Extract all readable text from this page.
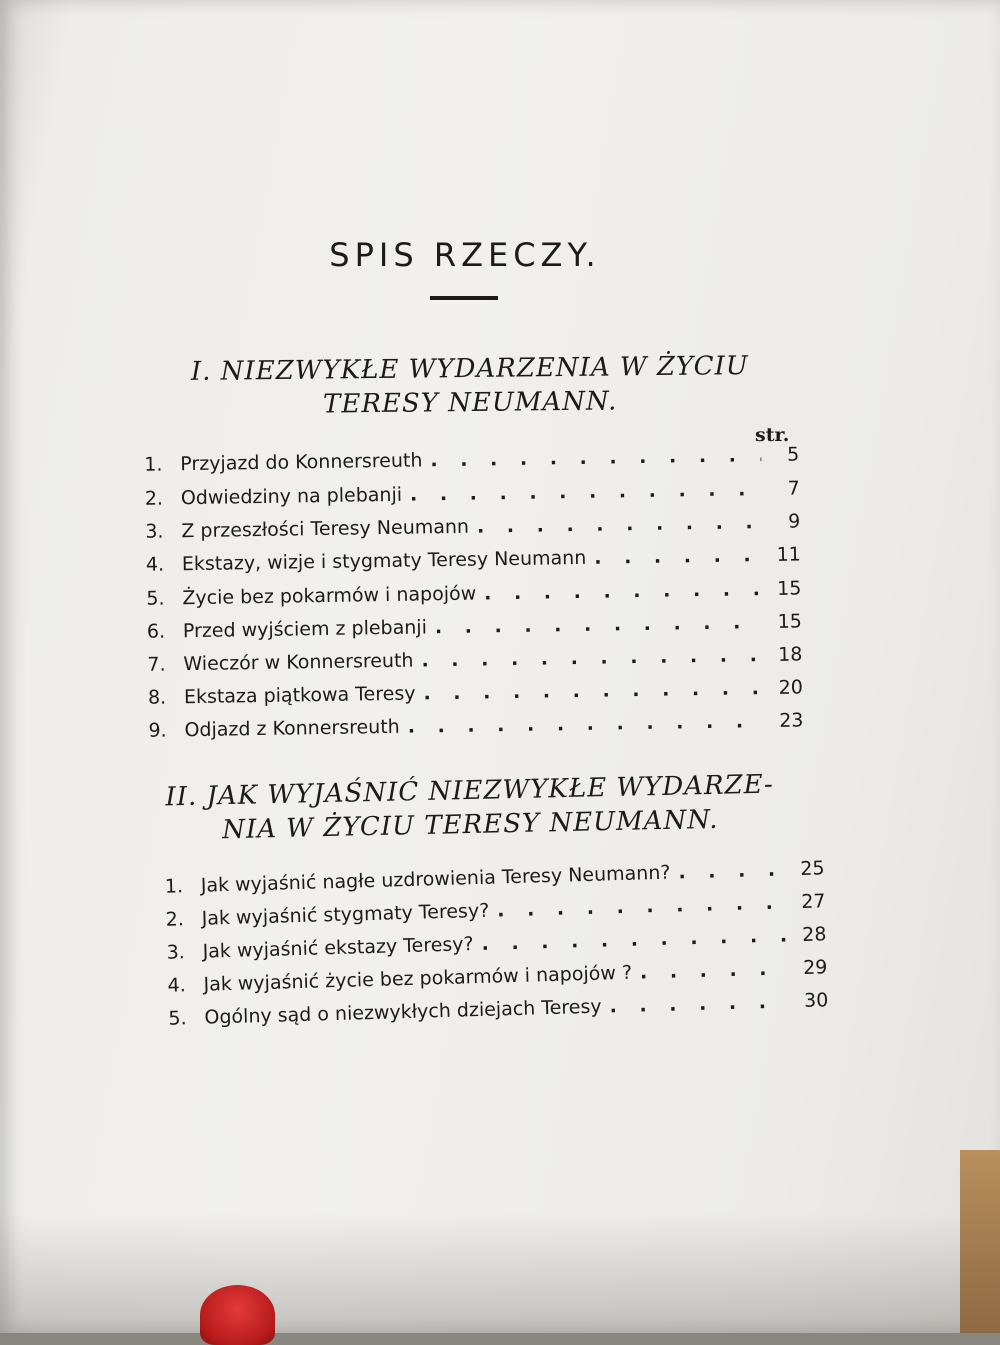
SPIS RZECZY.
I. NIEZWYKŁE WYDARZENIA W ŻYCIU
TERESY NEUMANN.
str.
1. Przyjazd do Konnersreuth . . .	5
2. Odwiedziny na plebanji . . .	7
3. Z przeszłości Teresy Neumann . . .	9
4. Ekstazy, wizje i stygmaty Teresy Neumann . . .	11
5. Życie bez pokarmów i napojów . . .	15
6. Przed wyjściem z plebanji . . .	15
7. Wieczór w Konnersreuth . . .	18
8. Ekstaza piątkowa Teresy . . .	20
9. Odjazd z Konnersreuth . . .	23
II. JAK WYJAŚNIĆ NIEZWYKŁE WYDARZE-
NIA W ŻYCIU TERESY NEUMANN.
1. Jak wyjaśnić nagłe uzdrowienia Teresy Neumann? . . .	25
2. Jak wyjaśnić stygmaty Teresy? . . .	27
3. Jak wyjaśnić ekstazy Teresy? . . .	28
4. Jak wyjaśnić życie bez pokarmów i napojów ? . . .	29
5. Ogólny sąd o niezwykłych dziejach Teresy . . .	30
